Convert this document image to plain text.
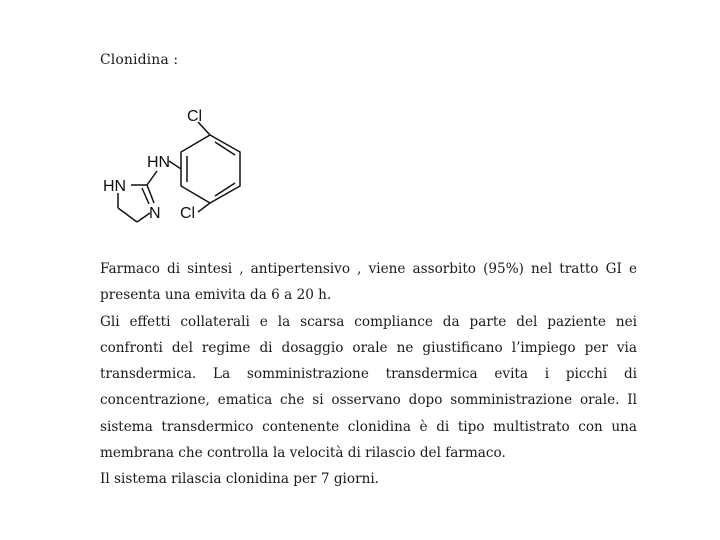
Clonidina :
Cl
HN
HN
N Cl

Farmaco di sintesi , antipertensivo , viene assorbito (95%) nel tratto GI e presenta una emivita da 6 a 20 h.

Gli effetti collaterali e la scarsa compliance da parte del paziente nei confronti del regime di dosaggio orale ne giustificano l’impiego per via transdermica. La somministrazione transdermica evita i picchi di concentrazione, ematica che si osservano dopo somministrazione orale. Il sistema transdermico contenente clonidina è di tipo multistrato con una membrana che controlla la velocità di rilascio del farmaco.

Il sistema rilascia clonidina per 7 giorni.
